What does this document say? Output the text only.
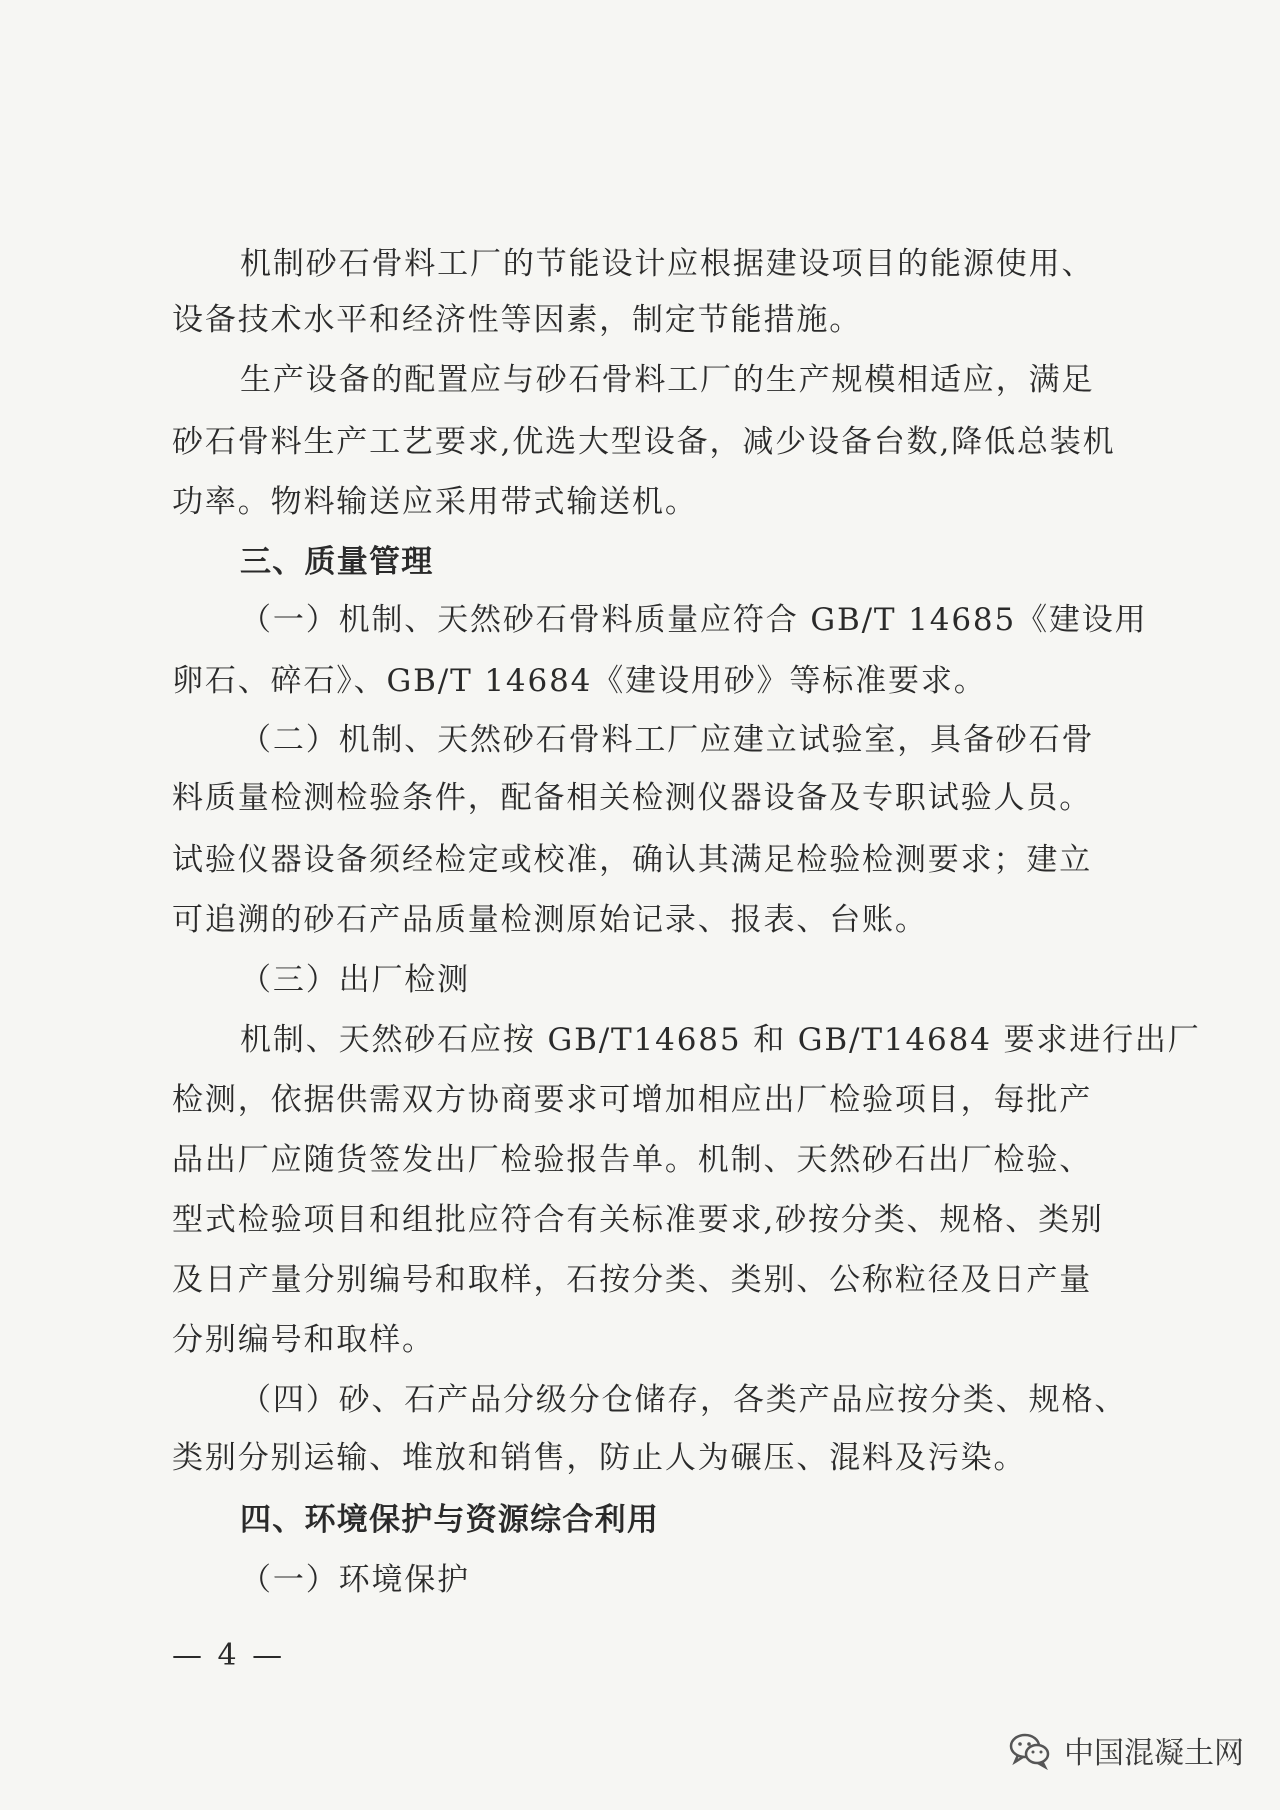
机制砂石骨料工厂的节能设计应根据建设项目的能源使用、
设备技术水平和经济性等因素，制定节能措施。
生产设备的配置应与砂石骨料工厂的生产规模相适应，满足
砂石骨料生产工艺要求,优选大型设备，减少设备台数,降低总装机
功率。物料输送应采用带式输送机。
三、质量管理
（一）机制、天然砂石骨料质量应符合 GB/T 14685《建设用
卵石、碎石》、GB/T 14684《建设用砂》等标准要求。
（二）机制、天然砂石骨料工厂应建立试验室，具备砂石骨
料质量检测检验条件，配备相关检测仪器设备及专职试验人员。
试验仪器设备须经检定或校准，确认其满足检验检测要求；建立
可追溯的砂石产品质量检测原始记录、报表、台账。
（三）出厂检测
机制、天然砂石应按 GB/T14685 和 GB/T14684 要求进行出厂
检测，依据供需双方协商要求可增加相应出厂检验项目，每批产
品出厂应随货签发出厂检验报告单。机制、天然砂石出厂检验、
型式检验项目和组批应符合有关标准要求,砂按分类、规格、类别
及日产量分别编号和取样，石按分类、类别、公称粒径及日产量
分别编号和取样。
（四）砂、石产品分级分仓储存，各类产品应按分类、规格、
类别分别运输、堆放和销售，防止人为碾压、混料及污染。
四、环境保护与资源综合利用
（一）环境保护
— 4 —
中国混凝土网
